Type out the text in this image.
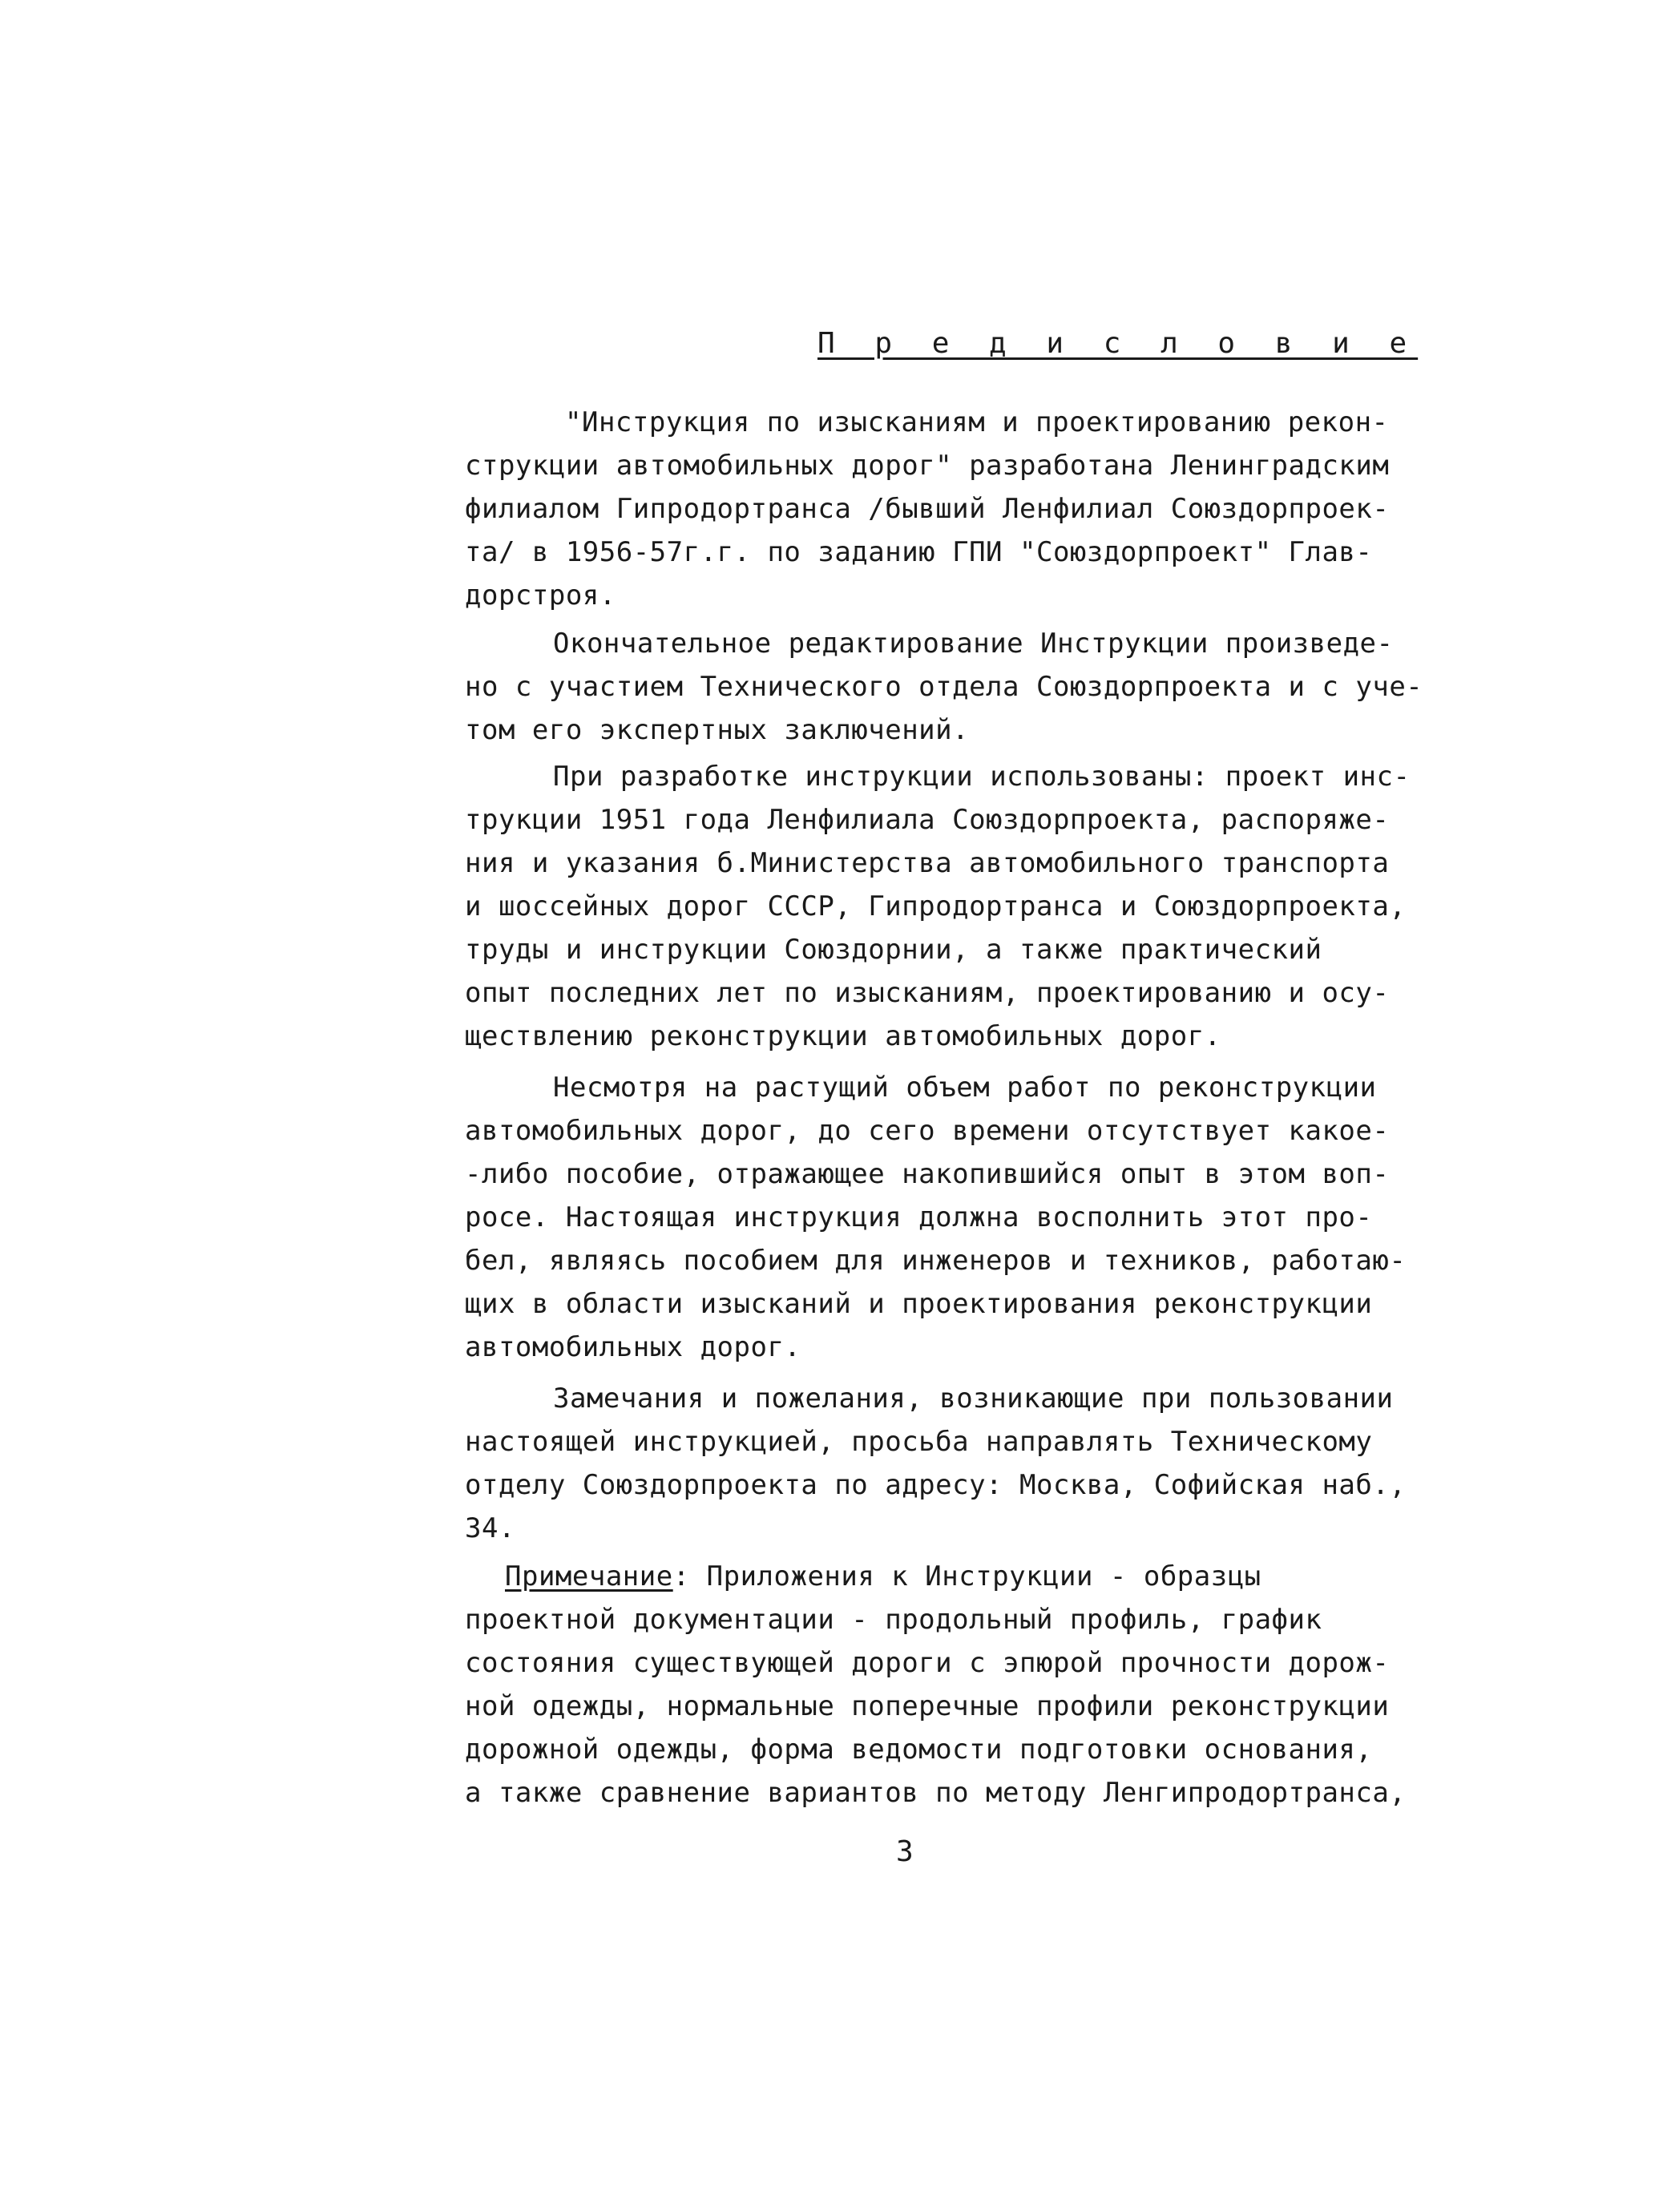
П р е д и с л о в и е
"Инструкция по изысканиям и проектированию рекон-
струкции автомобильных дорог" разработана Ленинградским
филиалом Гипродортранса /бывший Ленфилиал Союздорпроек-
та/ в 1956-57г.г. по заданию ГПИ "Союздорпроект" Глав-
дорстроя.
Окончательное редактирование Инструкции произведе-
но с участием Технического отдела Союздорпроекта и с уче-
том его экспертных заключений.
При разработке инструкции использованы: проект инс-
трукции 1951 года Ленфилиала Союздорпроекта, распоряже-
ния и указания б.Министерства автомобильного транспорта
и шоссейных дорог СССР, Гипродортранса и Союздорпроекта,
труды и инструкции Союздорнии, а также практический
опыт последних лет по изысканиям, проектированию и осу-
ществлению реконструкции автомобильных дорог.
Несмотря на растущий объем работ по реконструкции
автомобильных дорог, до сего времени отсутствует какое-
-либо пособие, отражающее накопившийся опыт в этом воп-
росе. Настоящая инструкция должна восполнить этот про-
бел, являясь пособием для инженеров и техников, работаю-
щих в области изысканий и проектирования реконструкции
автомобильных дорог.
Замечания и пожелания, возникающие при пользовании
настоящей инструкцией, просьба направлять Техническому
отделу Союздорпроекта по адресу: Москва, Софийская наб.,
34.
Примечание: Приложения к Инструкции - образцы
проектной документации - продольный профиль, график
состояния существующей дороги с эпюрой прочности дорож-
ной одежды, нормальные поперечные профили реконструкции
дорожной одежды, форма ведомости подготовки основания,
а также сравнение вариантов по методу Ленгипродортранса,
3
